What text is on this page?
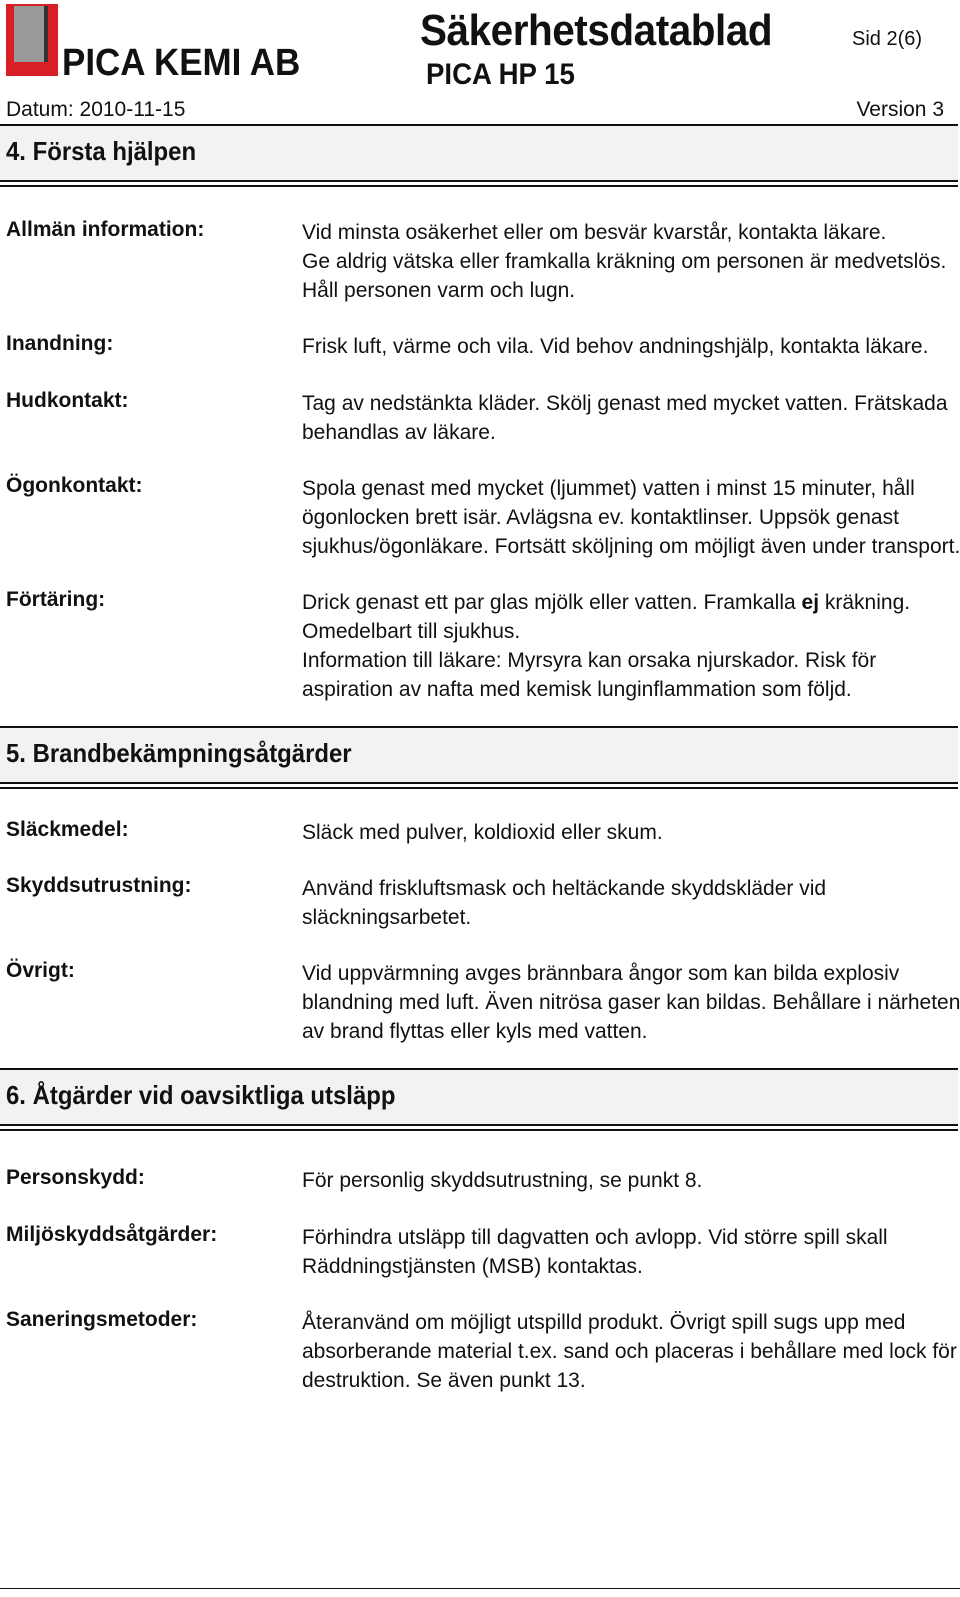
PICA KEMI AB
Säkerhetsdatablad
PICA HP 15
Sid 2(6)
Datum: 2010-11-15	Version 3
4. Första hjälpen
Allmän information:	Vid minsta osäkerhet eller om besvär kvarstår, kontakta läkare.
Ge aldrig vätska eller framkalla kräkning om personen är medvetslös.
Håll personen varm och lugn.
Inandning:	Frisk luft, värme och vila. Vid behov andningshjälp, kontakta läkare.
Hudkontakt:	Tag av nedstänkta kläder. Skölj genast med mycket vatten. Frätskada
behandlas av läkare.
Ögonkontakt:	Spola genast med mycket (ljummet) vatten i minst 15 minuter, håll
ögonlocken brett isär. Avlägsna ev. kontaktlinser. Uppsök genast
sjukhus/ögonläkare. Fortsätt sköljning om möjligt även under transport.
Förtäring:	Drick genast ett par glas mjölk eller vatten. Framkalla ej kräkning.
Omedelbart till sjukhus.
Information till läkare: Myrsyra kan orsaka njurskador. Risk för
aspiration av nafta med kemisk lunginflammation som följd.
5. Brandbekämpningsåtgärder
Släckmedel:	Släck med pulver, koldioxid eller skum.
Skyddsutrustning:	Använd friskluftsmask och heltäckande skyddskläder vid
släckningsarbetet.
Övrigt:	Vid uppvärmning avges brännbara ångor som kan bilda explosiv
blandning med luft. Även nitrösa gaser kan bildas. Behållare i närheten
av brand flyttas eller kyls med vatten.
6. Åtgärder vid oavsiktliga utsläpp
Personskydd:	För personlig skyddsutrustning, se punkt 8.
Miljöskyddsåtgärder:	Förhindra utsläpp till dagvatten och avlopp. Vid större spill skall
Räddningstjänsten (MSB) kontaktas.
Saneringsmetoder:	Återanvänd om möjligt utspilld produkt. Övrigt spill sugs upp med
absorberande material t.ex. sand och placeras i behållare med lock för
destruktion. Se även punkt 13.
